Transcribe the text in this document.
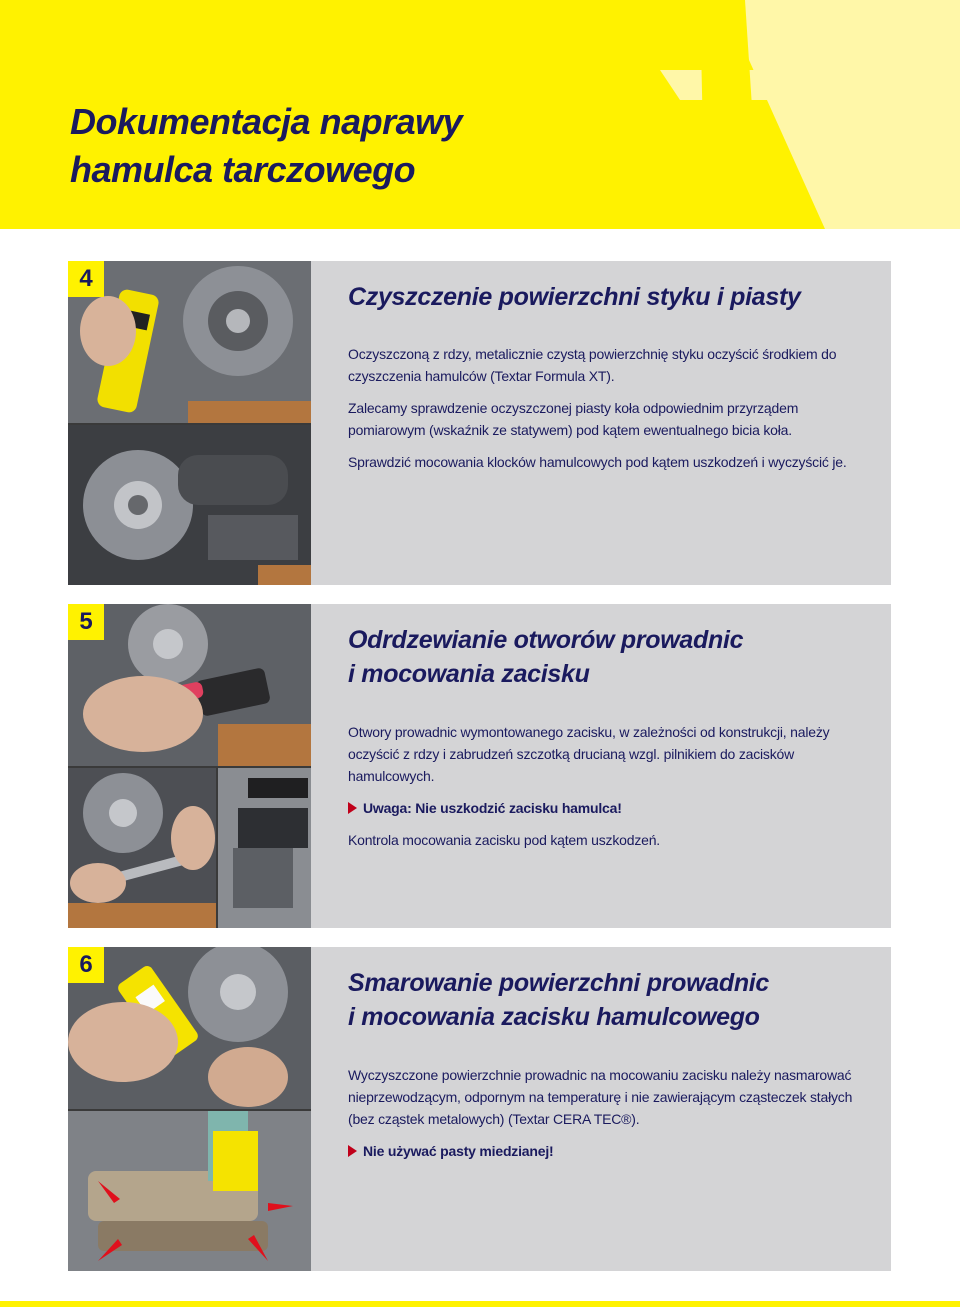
Dokumentacja naprawy
hamulca tarczowego
4
Czyszczenie powierzchni styku i piasty

Oczyszczoną z rdzy, metalicznie czystą powierzchnię styku oczyścić środkiem do czyszczenia hamulców (Textar Formula XT).

Zalecamy sprawdzenie oczyszczonej piasty koła odpowiednim przyrządem pomiarowym (wskaźnik ze statywem) pod kątem ewentualnego bicia koła.

Sprawdzić mocowania klocków hamulcowych pod kątem uszkodzeń i wyczyścić je.

5
Odrdzewianie otworów prowadnic
i mocowania zacisku

Otwory prowadnic wymontowanego zacisku, w zależności od konstrukcji, należy oczyścić z rdzy i zabrudzeń szczotką drucianą wzgl. pilnikiem do zacisków hamulcowych.

Uwaga: Nie uszkodzić zacisku hamulca!

Kontrola mocowania zacisku pod kątem uszkodzeń.

6
Smarowanie powierzchni prowadnic
i mocowania zacisku hamulcowego

Wyczyszczone powierzchnie prowadnic na mocowaniu zacisku należy nasmarować nieprzewodzącym, odpornym na temperaturę i nie zawierającym cząsteczek stałych (bez cząstek metalowych) (Textar CERA TEC®).

Nie używać pasty miedzianej!
